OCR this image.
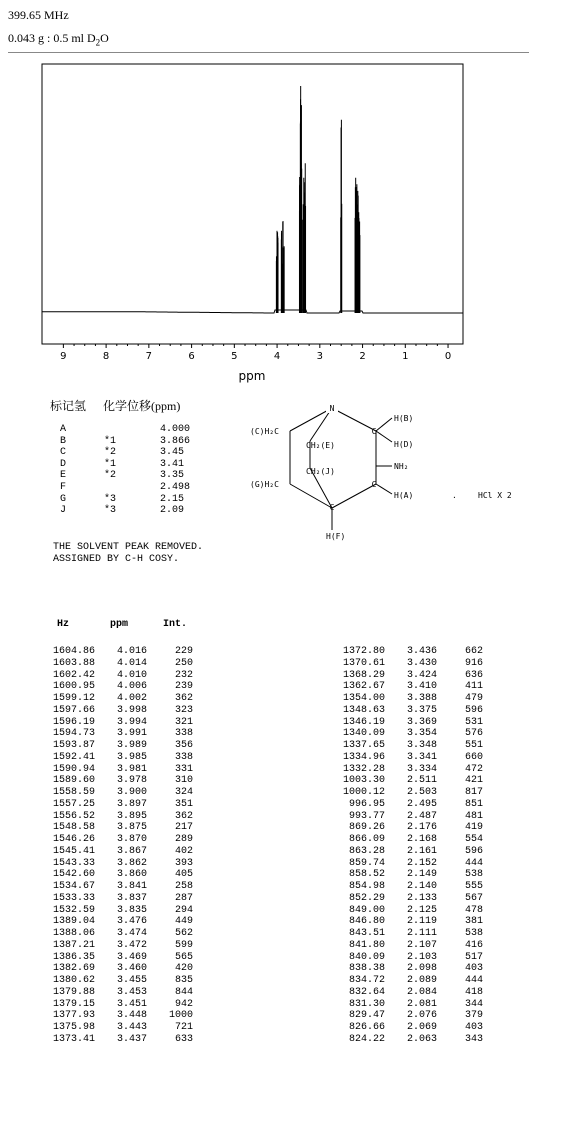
399.65 MHz
0.043 g : 0.5 ml $D_2O$
9	8	7	6	5	4	3	2	1	0
ppm
标记氢 化学位移(ppm)
A	4.000
B	*1	3.866
C	*2	3.45
D	*1	3.41
E	*2	3.35
F	2.498
G	*3	2.15
J	*3	2.09
THE SOLVENT PEAK REMOVED.
ASSIGNED BY C-H COSY.
N
(C)H₂C
(G)H₂C
CH₂(E)
CH₂(J)
H(B)
H(D)
NH₂
H(A)
H(F)
.	HCl X 2
C
C
C
Hz	ppm	Int.
1604.86 4.016	229
1603.88 4.014	250
1602.42 4.010	232
1600.95 4.006	239
1599.12 4.002	362
1597.66 3.998	323
1596.19 3.994	321
1594.73 3.991	338
1593.87 3.989	356
1592.41 3.985	338
1590.94 3.981	331
1589.60 3.978	310
1558.59 3.900	324
1557.25 3.897	351
1556.52 3.895	362
1548.58 3.875	217
1546.26 3.870	289
1545.41 3.867	402
1543.33 3.862	393
1542.60 3.860	405
1534.67 3.841	258
1533.33 3.837	287
1532.59 3.835	294
1389.04 3.476	449
1388.06 3.474	562
1387.21 3.472	599
1386.35 3.469	565
1382.69 3.460	420
1380.62 3.455	835
1379.88 3.453	844
1379.15 3.451	942
1377.93 3.448 1000
1375.98 3.443	721
1373.41 3.437	633
1372.80 3.436	662
1370.61 3.430	916
1368.29 3.424	636
1362.67 3.410	411
1354.00 3.388	479
1348.63 3.375	596
1346.19 3.369	531
1340.09 3.354	576
1337.65 3.348	551
1334.96 3.341	660
1332.28 3.334	472
1003.30 2.511	421
1000.12 2.503	817
996.95 2.495	851
993.77 2.487	481
869.26 2.176	419
866.09 2.168	554
863.28 2.161	596
859.74 2.152	444
858.52 2.149	538
854.98 2.140	555
852.29 2.133	567
849.00 2.125	478
846.80 2.119	381
843.51 2.111	538
841.80 2.107	416
840.09 2.103	517
838.38 2.098	403
834.72 2.089	444
832.64 2.084	418
831.30 2.081	344
829.47 2.076	379
826.66 2.069	403
824.22 2.063	343
